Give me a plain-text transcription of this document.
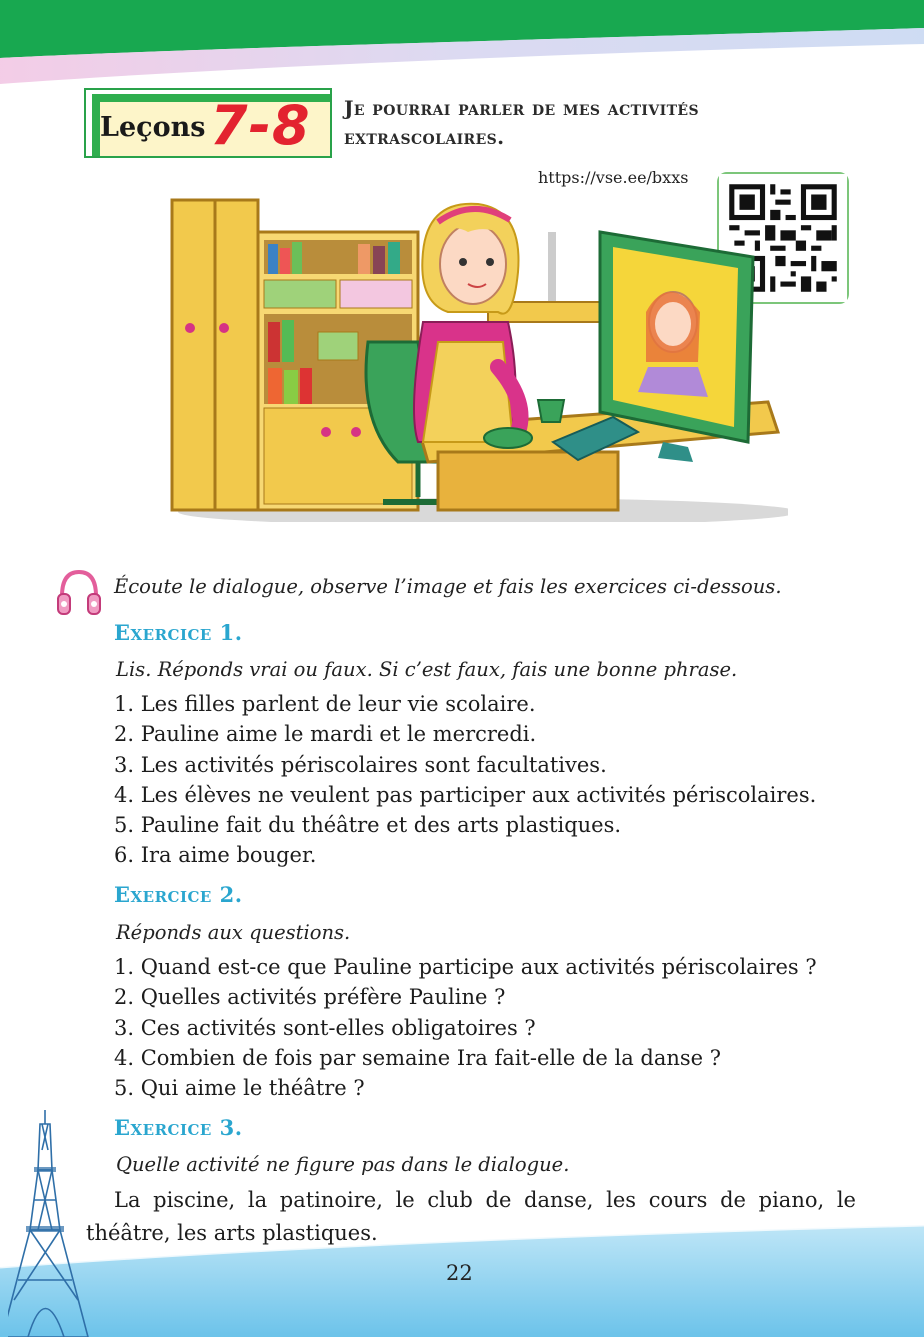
Leçons 7-8 Je pourrai parler de mes activités
extrascolaires.
https://vse.ee/bxxs
Écoute le dialogue, observe l’image et fais les exercices ci-dessous.
Exercice 1.
Lis. Réponds vrai ou faux. Si c’est faux, fais une bonne phrase.
1. Les filles parlent de leur vie scolaire.
2. Pauline aime le mardi et le mercredi.
3. Les activités périscolaires sont facultatives.
4. Les élèves ne veulent pas participer aux activités périscolaires.
5. Pauline fait du théâtre et des arts plastiques.
6. Ira aime bouger.
Exercice 2.
Réponds aux questions.
1. Quand est-ce que Pauline participe aux activités périscolaires ?
2. Quelles activités préfère Pauline ?
3. Ces activités sont-elles obligatoires ?
4. Combien de fois par semaine Ira fait-elle de la danse ?
5. Qui aime le théâtre ?
Exercice 3.
Quelle activité ne figure pas dans le dialogue.
La piscine, la patinoire, le club de danse, les cours de piano, le théâtre, les arts plastiques.
22
